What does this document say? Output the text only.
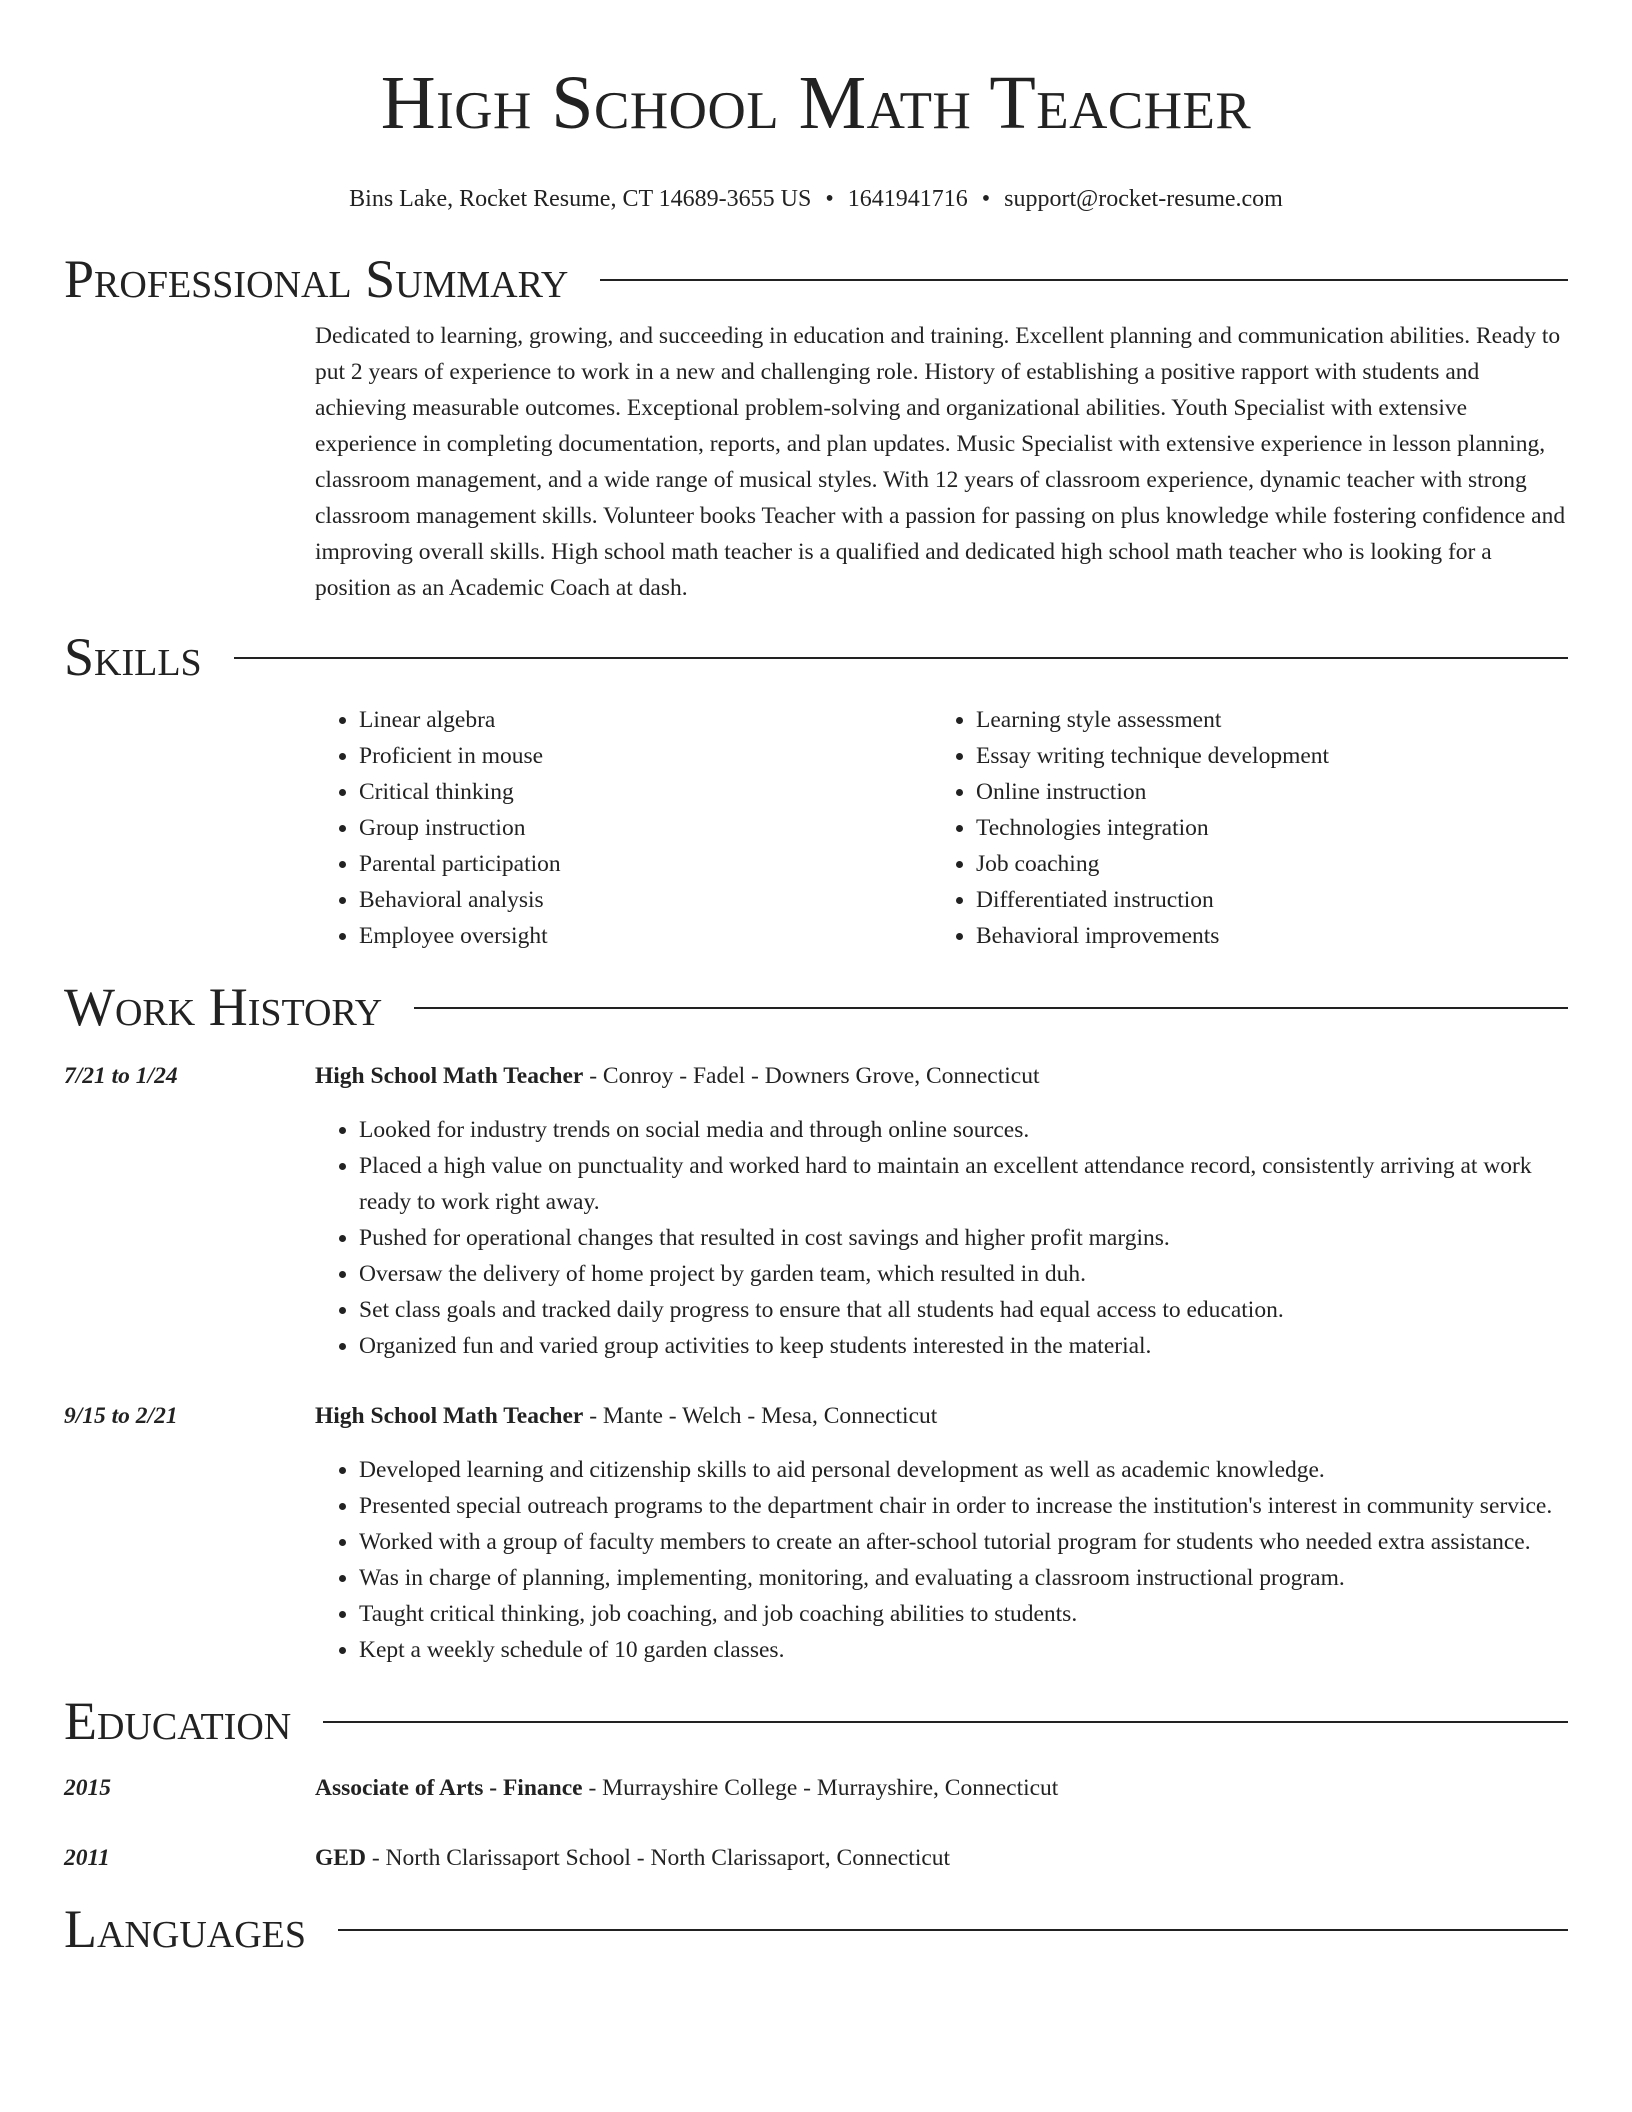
High School Math Teacher
Bins Lake, Rocket Resume, CT 14689-3655 US • 1641941716 • support@rocket-resume.com
Professional Summary

Dedicated to learning, growing, and succeeding in education and training. Excellent planning and communication abilities. Ready to put 2 years of experience to work in a new and challenging role. History of establishing a positive rapport with students and achieving measurable outcomes. Exceptional problem-solving and organizational abilities. Youth Specialist with extensive experience in completing documentation, reports, and plan updates. Music Specialist with extensive experience in lesson planning, classroom management, and a wide range of musical styles. With 12 years of classroom experience, dynamic teacher with strong classroom management skills. Volunteer books Teacher with a passion for passing on plus knowledge while fostering confidence and improving overall skills. High school math teacher is a qualified and dedicated high school math teacher who is looking for a position as an Academic Coach at dash.

Skills
• Linear algebra
• Proficient in mouse
• Critical thinking
• Group instruction
• Parental participation
• Behavioral analysis
• Employee oversight
• Learning style assessment
• Essay writing technique development
• Online instruction
• Technologies integration
• Job coaching
• Differentiated instruction
• Behavioral improvements
Work History
7/21 to 1/24	High School Math Teacher - Conroy - Fadel - Downers Grove, Connecticut
• Looked for industry trends on social media and through online sources.
• Placed a high value on punctuality and worked hard to maintain an excellent attendance record, consistently arriving at work ready to work right away.
• Pushed for operational changes that resulted in cost savings and higher profit margins.
• Oversaw the delivery of home project by garden team, which resulted in duh.
• Set class goals and tracked daily progress to ensure that all students had equal access to education.
• Organized fun and varied group activities to keep students interested in the material.
9/15 to 2/21	High School Math Teacher - Mante - Welch - Mesa, Connecticut
• Developed learning and citizenship skills to aid personal development as well as academic knowledge.
• Presented special outreach programs to the department chair in order to increase the institution's interest in community service.
• Worked with a group of faculty members to create an after-school tutorial program for students who needed extra assistance.
• Was in charge of planning, implementing, monitoring, and evaluating a classroom instructional program.
• Taught critical thinking, job coaching, and job coaching abilities to students.
• Kept a weekly schedule of 10 garden classes.
Education
2015	Associate of Arts - Finance - Murrayshire College - Murrayshire, Connecticut
2011	GED - North Clarissaport School - North Clarissaport, Connecticut
Languages
